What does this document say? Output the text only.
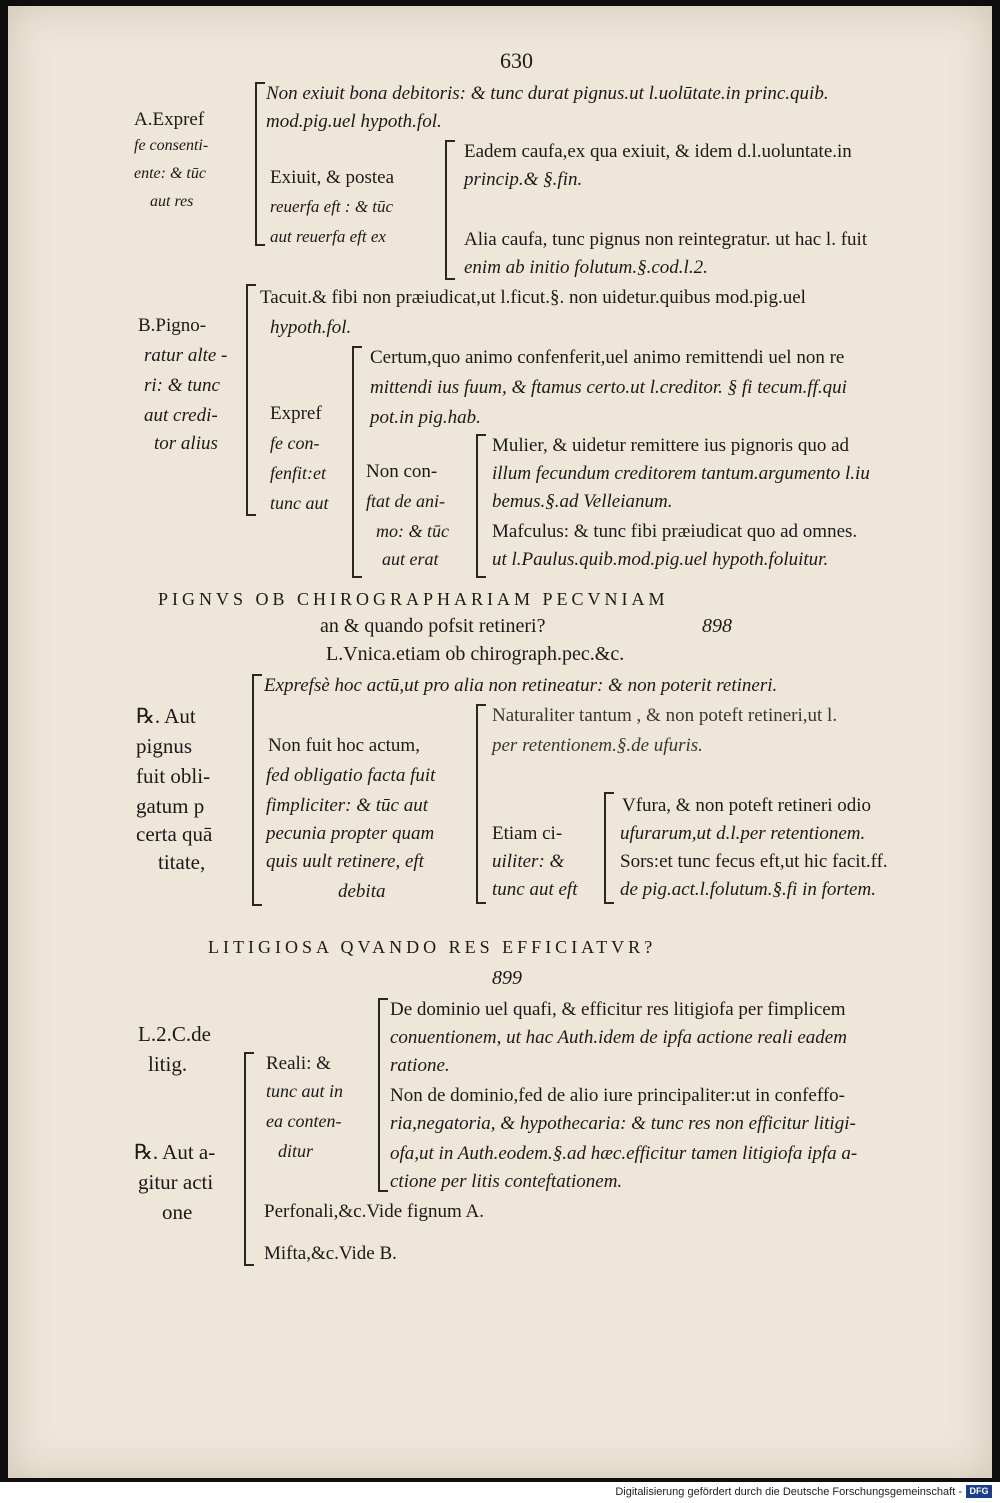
630
Non exiuit bona debitoris: & tunc durat pignus.ut l.uolūtate.in princ.quib.
mod.pig.uel hypoth.fol.
A.Expref
fe consenti-
ente: & tūc
aut res
Exiuit, & postea
reuerfa eft : & tūc
aut reuerfa eft ex
Eadem caufa,ex qua exiuit, & idem d.l.uoluntate.in
princip.& §.fin.
Alia caufa, tunc pignus non reintegratur. ut hac l. fuit
enim ab initio folutum.§.cod.l.2.
Tacuit.& fibi non præiudicat,ut l.ficut.§. non uidetur.quibus mod.pig.uel
hypoth.fol.
B.Pigno-
ratur alte -
ri: & tunc
aut credi-
tor alius
Expref
fe con-
fenfit:et
tunc aut
Certum,quo animo confenferit,uel animo remittendi uel non re
mittendi ius fuum, & ftamus certo.ut l.creditor. § fi tecum.ff.qui
pot.in pig.hab.
Non con-
ftat de ani-
mo: & tūc
aut erat
Mulier, & uidetur remittere ius pignoris quo ad
illum fecundum creditorem tantum.argumento l.iu
bemus.§.ad Velleianum.
Mafculus: & tunc fibi præiudicat quo ad omnes.
ut l.Paulus.quib.mod.pig.uel hypoth.foluitur.
PIGNVS OB CHIROGRAPHARIAM PECVNIAM
an & quando pofsit retineri?	898
L.Vnica.etiam ob chirograph.pec.&c.
Exprefsè hoc actū,ut pro alia non retineatur: & non poterit retineri.
℞. Aut
pignus
fuit obli-
gatum p
certa quā
titate,
Non fuit hoc actum,
fed obligatio facta fuit
fimpliciter: & tūc aut
pecunia propter quam
quis uult retinere, eft
debita
Naturaliter tantum , & non poteft retineri,ut l.
per retentionem.§.de ufuris.
Etiam ci-
uiliter: &
tunc aut eft
Vfura, & non poteft retineri odio
ufurarum,ut d.l.per retentionem.
Sors:et tunc fecus eft,ut hic facit.ff.
de pig.act.l.folutum.§.fi in fortem.
LITIGIOSA QVANDO RES EFFICIATVR?
899
De dominio uel quafi, & efficitur res litigiofa per fimplicem
conuentionem, ut hac Auth.idem de ipfa actione reali eadem
ratione.
Non de dominio,fed de alio iure principaliter:ut in confeffo-
ria,negatoria, & hypothecaria: & tunc res non efficitur litigi-
ofa,ut in Auth.eodem.§.ad hæc.efficitur tamen litigiofa ipfa a-
ctione per litis conteftationem.
L.2.C.de
litig.	Reali: &
tunc aut in
ea conten-
ditur
℞. Aut a-
gitur acti
one	Perfonali,&c.Vide fignum A.
Mifta,&c.Vide B.
Digitalisierung gefördert durch die Deutsche Forschungsgemeinschaft - DFG
